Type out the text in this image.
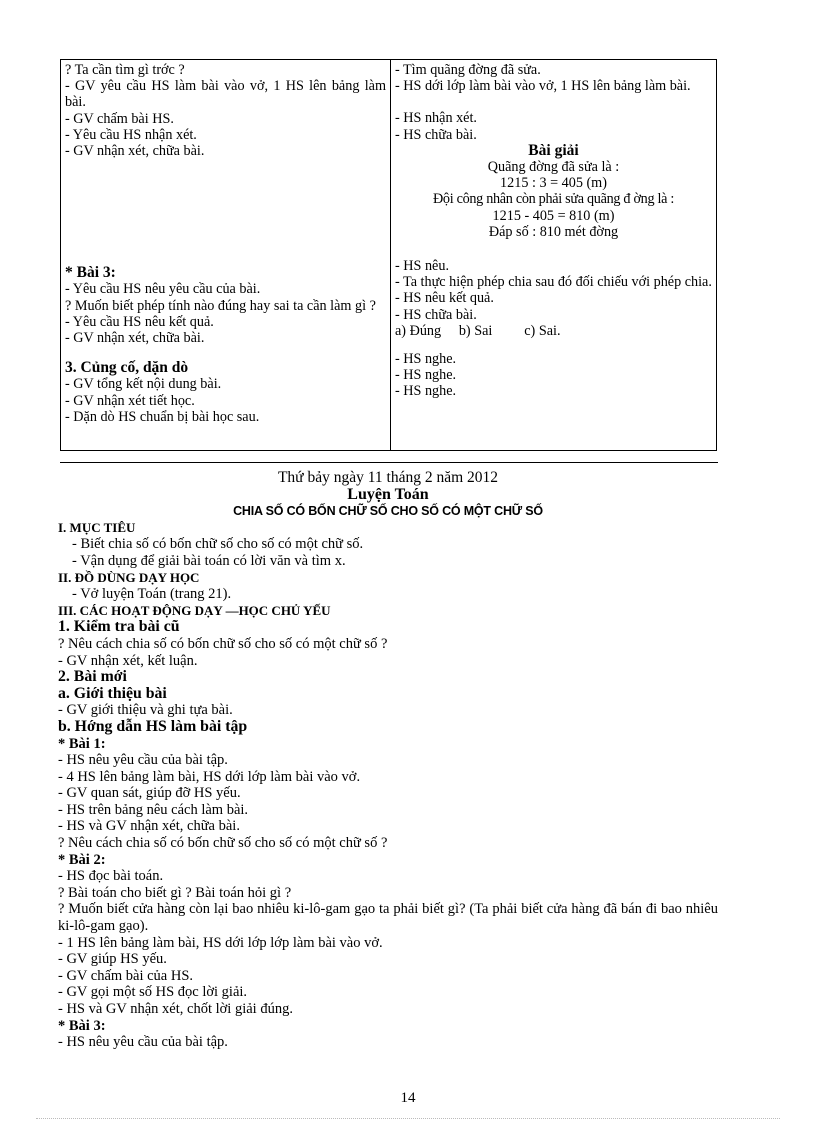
? Ta cần tìm gì trớc ?
- GV yêu cầu HS làm bài vào vở, 1 HS lên bảng làm bài.
- GV chấm bài HS.
- Yêu cầu HS nhận xét.
- GV nhận xét, chữa bài.
* Bài 3:
- Yêu cầu HS nêu yêu cầu của bài.
? Muốn biết phép tính nào đúng hay sai ta cần làm gì ?
- Yêu cầu HS nêu kết quả.
- GV nhận xét, chữa bài.
3. Củng cố, dặn dò
- GV tổng kết nội dung bài.
- GV nhận xét tiết học.
- Dặn dò HS chuẩn bị bài học sau.
- Tìm quãng đờng đã sửa.
- HS dới lớp làm bài vào vở, 1 HS lên bảng làm bài.
- HS nhận xét.
- HS chữa bài.
Bài giải
Quãng đờng đã sửa là :
1215 : 3 = 405 (m)
Đội công nhân còn phải sửa quãng đ ờng là :
1215 - 405 = 810 (m)
Đáp số : 810 mét đờng
- HS nêu.
- Ta thực hiện phép chia sau đó đối chiếu với phép chia.
- HS nêu kết quả.
- HS chữa bài.
a) Đúng     b) Sai         c) Sai.
- HS nghe.
- HS nghe.
- HS nghe.
Thứ bảy ngày 11 tháng 2 năm 2012
Luyện Toán
CHIA SỐ CÓ BỐN CHỮ SỐ CHO SỐ CÓ MỘT CHỮ SỐ
I. MỤC TIÊU
- Biết chia số có bốn chữ số cho số có một chữ số.
- Vận dụng để giải bài toán có lời văn và tìm x.
II. ĐỒ DÙNG DẠY HỌC
- Vở luyện Toán (trang 21).
III. CÁC HOẠT ĐỘNG DẠY —HỌC CHỦ YẾU
1. Kiểm tra bài cũ
? Nêu cách chia số có bốn chữ số cho số có một chữ số ?
- GV nhận xét, kết luận.
2. Bài mới
a. Giới thiệu bài
- GV giới thiệu và ghi tựa bài.
b. Hớng dẫn HS làm bài tập
* Bài 1:
- HS nêu yêu cầu của bài tập.
- 4 HS lên bảng làm bài, HS dới lớp làm bài vào vở.
- GV quan sát, giúp đỡ HS yếu.
- HS trên bảng nêu cách làm bài.
- HS và GV nhận xét, chữa bài.
? Nêu cách chia số có bốn chữ số cho số có một chữ số ?
* Bài 2:
- HS đọc bài toán.
? Bài toán cho biết gì ? Bài toán hỏi gì ?
? Muốn biết cửa hàng còn lại bao nhiêu ki-lô-gam gạo ta phải biết gì? (Ta phải biết cửa hàng đã bán đi bao nhiêu ki-lô-gam gạo).
- 1 HS lên bảng làm bài, HS dới lớp lớp làm bài vào vở.
- GV giúp HS yếu.
- GV chấm bài của HS.
- GV gọi một số HS đọc lời giải.
- HS và GV nhận xét, chốt lời giải đúng.
* Bài 3:
- HS nêu yêu cầu của bài tập.
14
